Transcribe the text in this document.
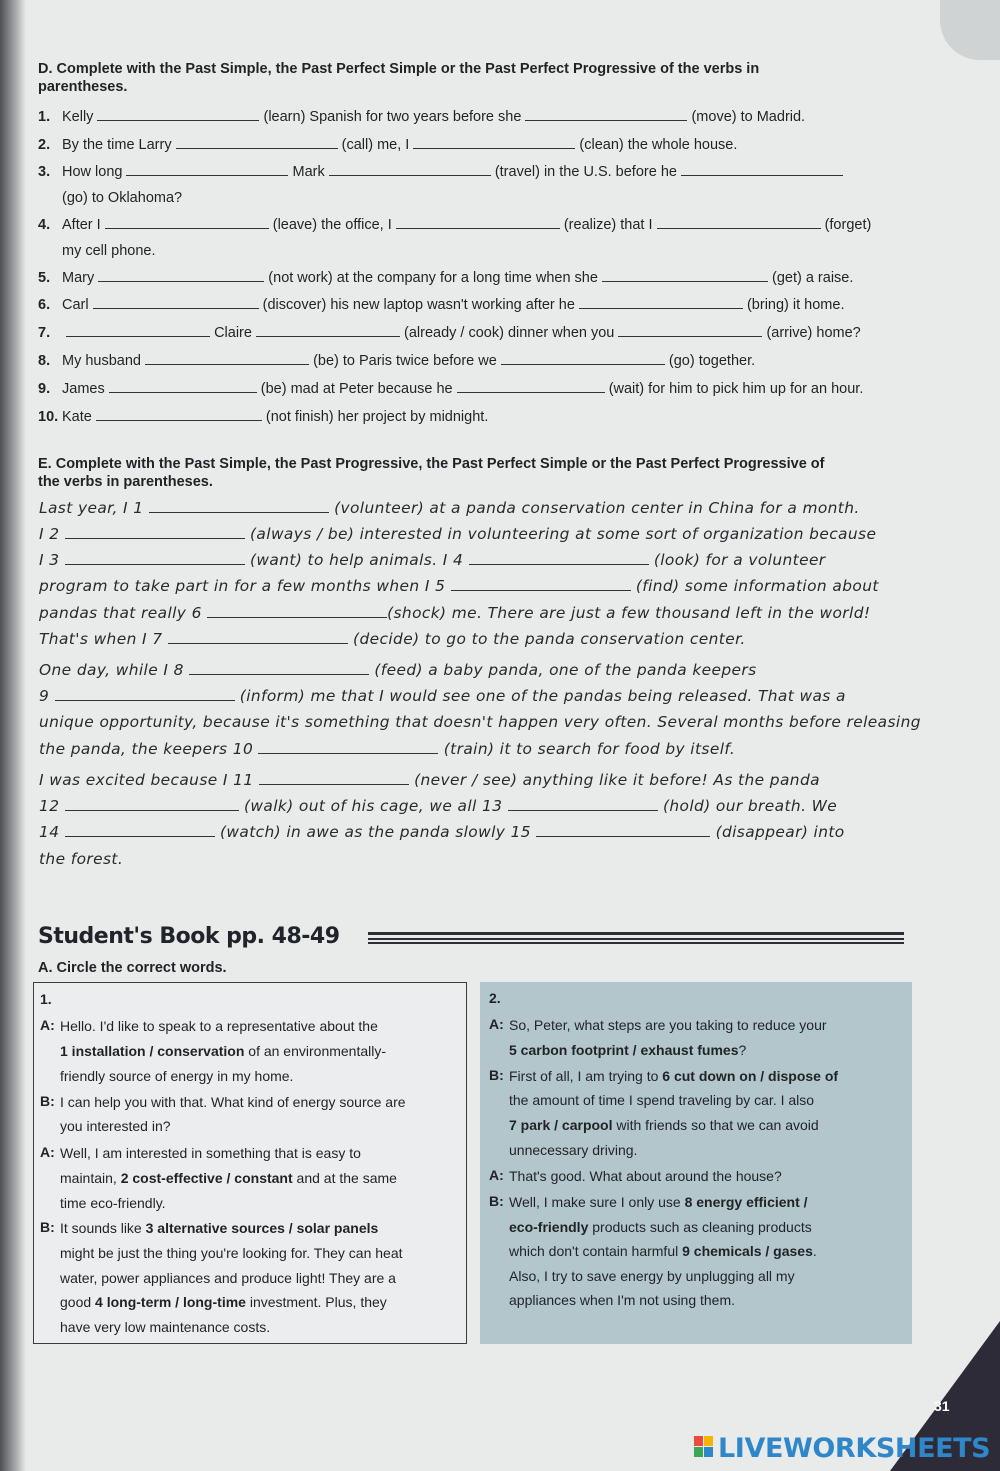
D. Complete with the Past Simple, the Past Perfect Simple or the Past Perfect Progressive of the verbs in
parentheses.
1. Kelly	(learn) Spanish for two years before she	(move) to Madrid.
2. By the time Larry	(call) me, I	(clean) the whole house.
3. How long	Mark	(travel) in the U.S. before he
(go) to Oklahoma?
4. After I	(leave) the office, I	(realize) that I	(forget)
my cell phone.
5. Mary	(not work) at the company for a long time when she	(get) a raise.
6. Carl	(discover) his new laptop wasn't working after he	(bring) it home.
7.	Claire	(already / cook) dinner when you	(arrive) home?
8. My husband	(be) to Paris twice before we	(go) together.
9. James	(be) mad at Peter because he	(wait) for him to pick him up for an hour.
10. Kate	(not finish) her project by midnight.
E. Complete with the Past Simple, the Past Progressive, the Past Perfect Simple or the Past Perfect Progressive of
the verbs in parentheses.
Last year, I 1	(volunteer) at a panda conservation center in China for a month.
I 2	(always / be) interested in volunteering at some sort of organization because
I 3	(want) to help animals. I 4	(look) for a volunteer
program to take part in for a few months when I 5	(find) some information about
pandas that really 6	(shock) me. There are just a few thousand left in the world!
That's when I 7	(decide) to go to the panda conservation center.
One day, while I 8	(feed) a baby panda, one of the panda keepers
9	(inform) me that I would see one of the pandas being released. That was a
unique opportunity, because it's something that doesn't happen very often. Several months before releasing
the panda, the keepers 10	(train) it to search for food by itself.
I was excited because I 11	(never / see) anything like it before! As the panda
12	(walk) out of his cage, we all 13	(hold) our breath. We
14	(watch) in awe as the panda slowly 15	(disappear) into
the forest.
Student's Book pp. 48-49
A. Circle the correct words.
1.
A: Hello. I'd like to speak to a representative about the
1 installation / conservation of an environmentally-
friendly source of energy in my home.
B: I can help you with that. What kind of energy source are
you interested in?
A: Well, I am interested in something that is easy to
maintain, 2 cost-effective / constant and at the same
time eco-friendly.
B: It sounds like 3 alternative sources / solar panels
might be just the thing you're looking for. They can heat
water, power appliances and produce light! They are a
good 4 long-term / long-time investment. Plus, they
have very low maintenance costs.
2.
A: So, Peter, what steps are you taking to reduce your
5 carbon footprint / exhaust fumes?
B: First of all, I am trying to 6 cut down on / dispose of
the amount of time I spend traveling by car. I also
7 park / carpool with friends so that we can avoid
unnecessary driving.
A: That's good. What about around the house?
B: Well, I make sure I only use 8 energy efficient /
eco-friendly products such as cleaning products
which don't contain harmful 9 chemicals / gases.
Also, I try to save energy by unplugging all my
appliances when I'm not using them.
31
LIVEWORKSHEETS
